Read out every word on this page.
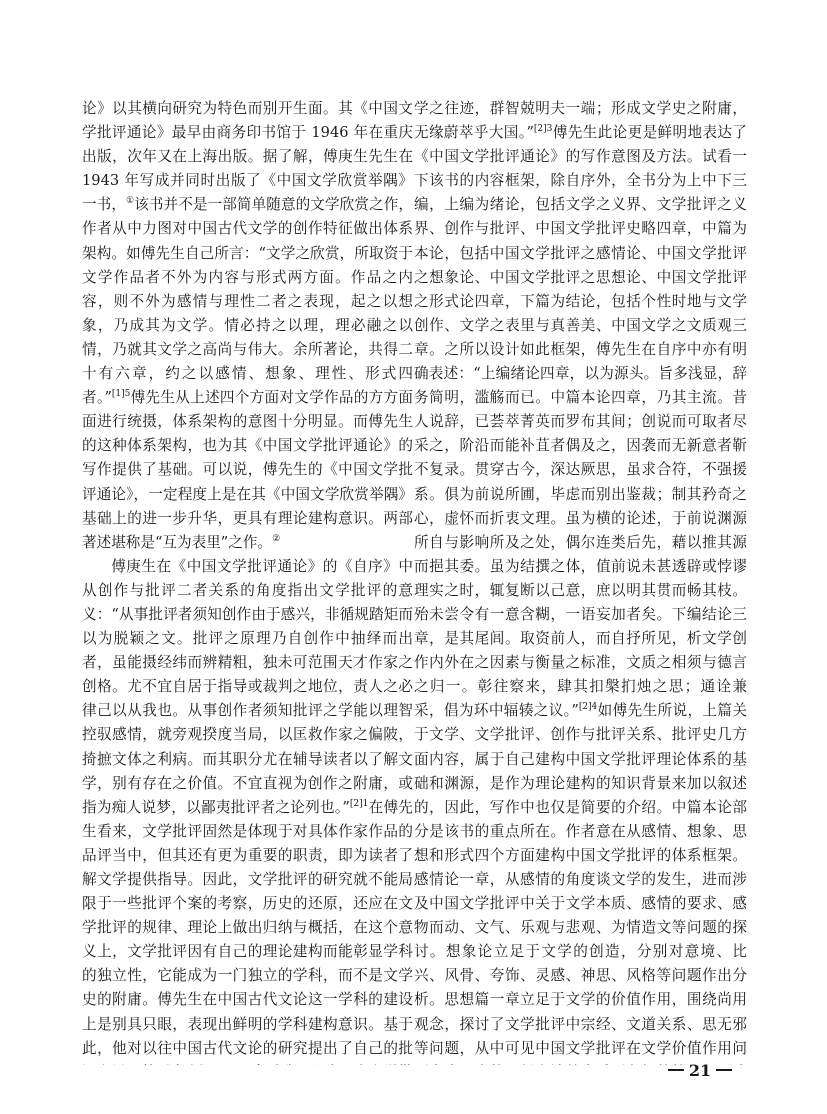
论》以其横向研究为特色而别开生面。其《中国文学批评通论》最早由商务印书馆于 1946 年在重庆出版，次年又在上海出版。据了解，傅庚生先生在 1943 年写成并同时出版了《中国文学欣赏举隅》一书，①该书并不是一部简单随意的文学欣赏之作，作者从中力图对中国古代文学的创作特征做出体系架构。如傅先生自己所言：“文学之欣赏，所取资于文学作品者不外为内容与形式两方面。作品之内容，则不外为感情与理性二者之表现，起之以想象，乃成其为文学。情必持之以理，理必融之以情，乃就其文学之高尚与伟大。余所著论，共得二十有六章，约之以感情、想象、理性、形式四者。”$^{[1]5}$傅先生从上述四个方面对文学作品的方方面面进行统摄，体系架构的意图十分明显。而傅先生的这种体系架构，也为其《中国文学批评通论》的写作提供了基础。可以说，傅先生的《中国文学批评通论》，一定程度上是在其《中国文学欣赏举隅》基础上的进一步升华，更具有理论建构意识。两部著述堪称是“互为表里”之作。②

傅庚生在《中国文学批评通论》的《自序》中从创作与批评二者关系的角度指出文学批评的意义：“从事批评者须知创作由于感兴，非循规踏矩而以为脱颖之文。批评之原理乃自创作中抽绎而出者，虽能摄经纬而辨精粗，独未可范围天才作家之创格。尤不宜自居于指导或裁判之地位，责人之必律己以从我也。从事创作者须知批评之学能以理智控驭感情，就旁观揆度当局，以匡救作家之偏陂，掎摭文体之利病。而其职分尤在辅导读者以了解文学，别有存在之价值。不宜直视为创作之附庸，或指为痴人说梦，以鄙夷批评者之论列也。”$^{[2]1}$在傅先生看来，文学批评固然是体现于对具体作家作品的品评当中，但其还有更为重要的职责，即为读者了解文学提供指导。因此，文学批评的研究就不能局限于一些批评个案的考察，历史的还原，还应在文学批评的规律、理论上做出归纳与概括，在这个意义上，文学批评因有自己的理论建构而能彰显学科的独立性，它能成为一门独立的学科，而不是文学史的附庸。傅先生在中国古代文论这一学科的建设上是别具只眼，表现出鲜明的学科建构意识。基于此，他对以往中国古代文论的研究提出了自己的批

学之往迹，群智兢明夫一端；形成文学史之附庸，无缘蔚萃乎大国。”$^{[2]3}$傅先生此论更是鲜明地表达了《中国文学批评通论》的写作意图及方法。试看一下该书的内容框架，除自序外，全书分为上中下三编，上编为绪论，包括文学之义界、文学批评之义界、创作与批评、中国文学批评史略四章，中篇为本论，包括中国文学批评之感情论、中国文学批评之想象论、中国文学批评之思想论、中国文学批评之形式论四章，下篇为结论，包括个性时地与文学创作、文学之表里与真善美、中国文学之文质观三章。之所以设计如此框架，傅先生在自序中亦有明确表述：“上编绪论四章，以为源头。旨多浅显，辞务简明，滥觞而已。中篇本论四章，乃其主流。昔人说辞，已荟萃菁英而罗布其间；创说而可取者尽采之，阶沿而能补苴者偶及之，因袭而无新意者靳不复录。贯穿古今，深达厥思，虽求合符，不强援系。俱为前说所圃，毕虑而别出鉴裁；制其矜奇之心，虚怀而折衷文理。虽为横的论述，于前说渊源所自与影响所及之处，偶尔连类后先，藉以推其源而挹其委。虽为结撰之体，值前说未甚透辟或悖谬理实之时，辄复断以己意，庶以明其贯而畅其枝。殆未尝令有一意含糊，一语妄加者矣。下编结论三章，是其尾闾。取资前人，而自抒所见，析文学创作内外在之因素与衡量之标准，文质之相须与德言之归一。彰往察来，肆其扣槃扪烛之思；通诠兼采，倡为环中辐辏之议。”$^{[2]4}$如傅先生所说，上篇关于文学、文学批评、创作与批评关系、批评史几方面内容，属于自己建构中国文学批评理论体系的基础和渊源，是作为理论建构的知识背景来加以叙述的，因此，写作中也仅是简要的介绍。中篇本论部分是该书的重点所在。作者意在从感情、想象、思想和形式四个方面建构中国文学批评的体系框架。感情论一章，从感情的角度谈文学的发生，进而涉及中国文学批评中关于文学本质、感情的要求、感物而动、文气、乐观与悲观、为情造文等问题的探讨。想象论立足于文学的创造，分别对意境、比兴、风骨、夸饰、灵感、神思、风格等问题作出分析。思想篇一章立足于文学的价值作用，围绕尚用观念，探讨了文学批评中宗经、文道关系、思无邪等问题，从中可见中国文学批评在文学价值作用问

21
